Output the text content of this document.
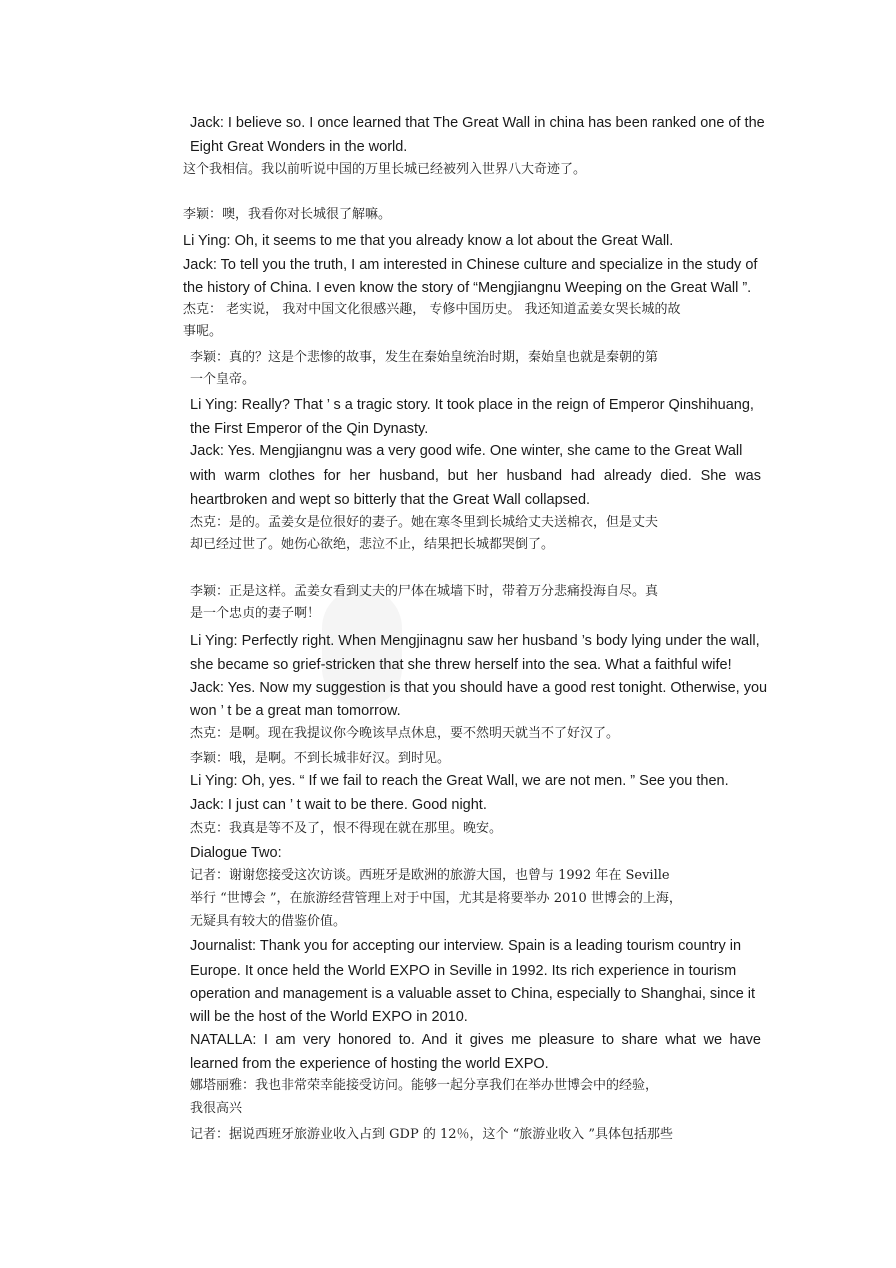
Jack: I believe so. I once learned that The Great Wall in china has been ranked one of the
Eight Great Wonders in the world.
这个我相信。我以前听说中国的万里长城已经被列入世界八大奇迹了。
李颖：噢，我看你对长城很了解嘛。
Li Ying: Oh, it seems to me that you already know a lot about the Great Wall.
Jack: To tell you the truth, I am interested in Chinese culture and specialize in the study of
the history of China. I even know the story of “Mengjiangnu Weeping on the Great Wall ”.
杰克： 老实说， 我对中国文化很感兴趣， 专修中国历史。 我还知道孟姜女哭长城的故
事呢。
李颖：真的？这是个悲惨的故事，发生在秦始皇统治时期，秦始皇也就是秦朝的第
一个皇帝。
Li Ying: Really? That ’ s a tragic story. It took place in the reign of Emperor Qinshihuang,
the First Emperor of the Qin Dynasty.
Jack: Yes. Mengjiangnu was a very good wife. One winter, she came to the Great Wall
with warm clothes for her husband, but her husband had already died. She was
heartbroken and wept so bitterly that the Great Wall collapsed.
杰克：是的。孟姜女是位很好的妻子。她在寒冬里到长城给丈夫送棉衣，但是丈夫
却已经过世了。她伤心欲绝，悲泣不止，结果把长城都哭倒了。
李颖：正是这样。孟姜女看到丈夫的尸体在城墙下时，带着万分悲痛投海自尽。真
是一个忠贞的妻子啊！
Li Ying: Perfectly right. When Mengjinagnu saw her husband ’s body lying under the wall,
she became so grief-stricken that she threw herself into the sea. What a faithful wife!
Jack: Yes. Now my suggestion is that you should have a good rest tonight. Otherwise, you
won ’ t be a great man tomorrow.
杰克：是啊。现在我提议你今晚该早点休息，要不然明天就当不了好汉了。
李颖：哦，是啊。不到长城非好汉。到时见。
Li Ying: Oh, yes. “ If we fail to reach the Great Wall, we are not men. ” See you then.
Jack: I just can ’ t wait to be there. Good night.
杰克：我真是等不及了，恨不得现在就在那里。晚安。
Dialogue Two:
记者：谢谢您接受这次访谈。西班牙是欧洲的旅游大国，也曾与 1992 年在 Seville
举行 “世博会 ”，在旅游经营管理上对于中国，尤其是将要举办 2010 世博会的上海，
无疑具有较大的借鉴价值。
Journalist: Thank you for accepting our interview. Spain is a leading tourism country in
Europe. It once held the World EXPO in Seville in 1992. Its rich experience in tourism
operation and management is a valuable asset to China, especially to Shanghai, since it
will be the host of the World EXPO in 2010.
NATALLA: I am very honored to. And it gives me pleasure to share what we have
learned from the experience of hosting the world EXPO.
娜塔丽雅：我也非常荣幸能接受访问。能够一起分享我们在举办世博会中的经验，
我很高兴
记者：据说西班牙旅游业收入占到 GDP 的 12％，这个 “旅游业收入 ”具体包括那些
